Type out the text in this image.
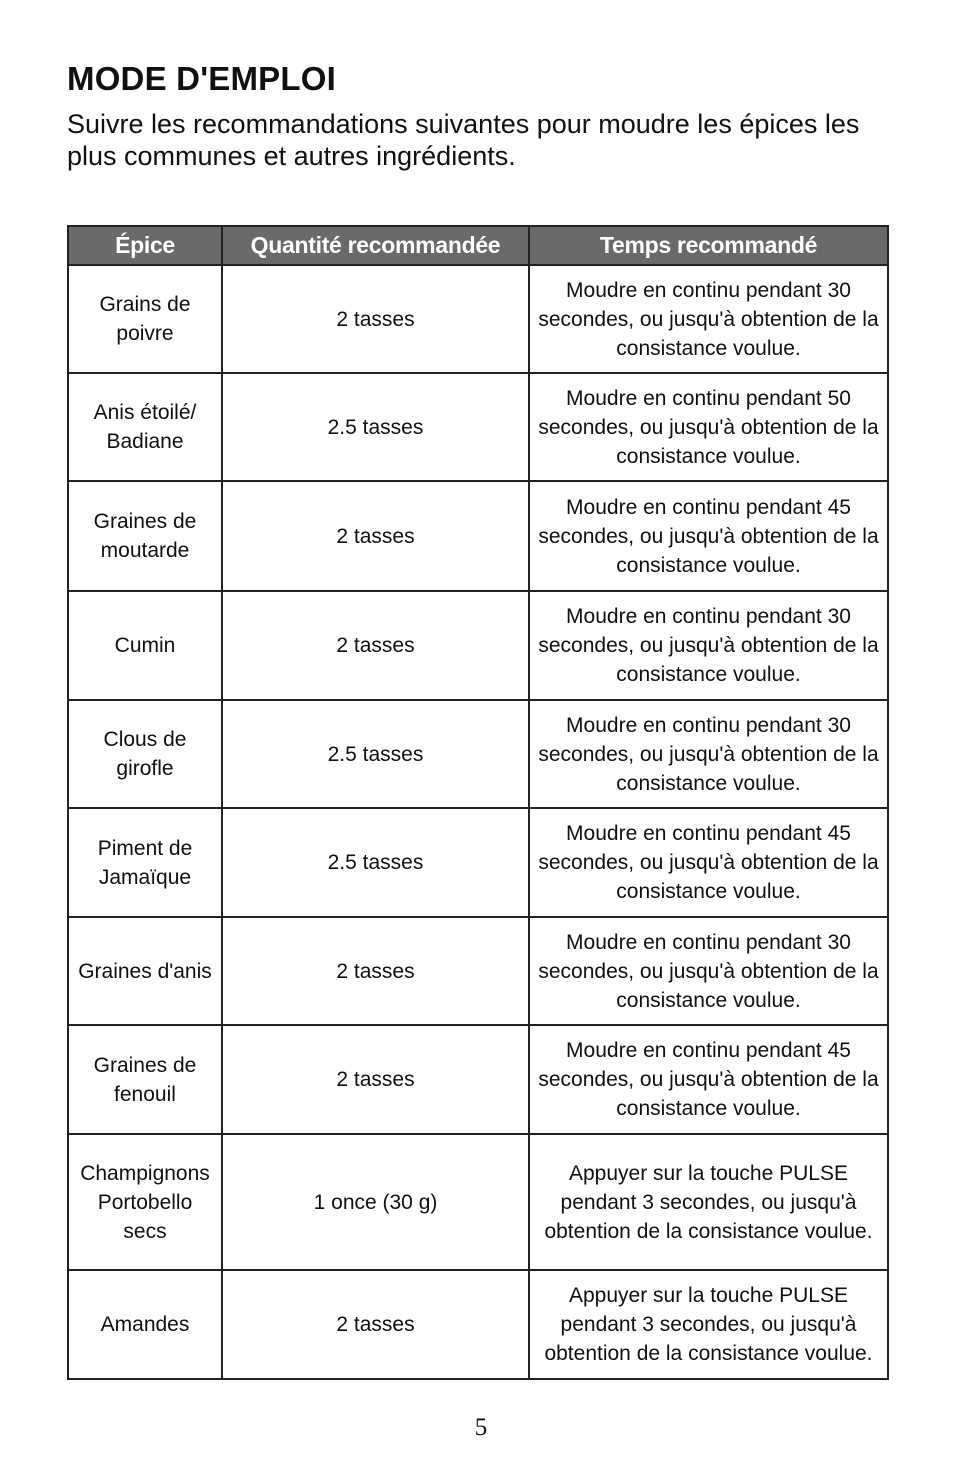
MODE D'EMPLOI
Suivre les recommandations suivantes pour moudre les épices les plus communes et autres ingrédients.
Épice	Quantité recommandée	Temps recommandé
Grains de poivre	2 tasses	Moudre en continu pendant 30 secondes, ou jusqu'à obtention de la consistance voulue.
Anis étoilé/ Badiane	2.5 tasses	Moudre en continu pendant 50 secondes, ou jusqu'à obtention de la consistance voulue.
Graines de moutarde	2 tasses	Moudre en continu pendant 45 secondes, ou jusqu'à obtention de la consistance voulue.
Cumin	2 tasses	Moudre en continu pendant 30 secondes, ou jusqu'à obtention de la consistance voulue.
Clous de girofle	2.5 tasses	Moudre en continu pendant 30 secondes, ou jusqu'à obtention de la consistance voulue.
Piment de Jamaïque	2.5 tasses	Moudre en continu pendant 45 secondes, ou jusqu'à obtention de la consistance voulue.
Graines d'anis	2 tasses	Moudre en continu pendant 30 secondes, ou jusqu'à obtention de la consistance voulue.
Graines de fenouil	2 tasses	Moudre en continu pendant 45 secondes, ou jusqu'à obtention de la consistance voulue.
Champignons Portobello secs	1 once (30 g)	Appuyer sur la touche PULSE pendant 3 secondes, ou jusqu'à obtention de la consistance voulue.
Amandes	2 tasses	Appuyer sur la touche PULSE pendant 3 secondes, ou jusqu'à obtention de la consistance voulue.
5
